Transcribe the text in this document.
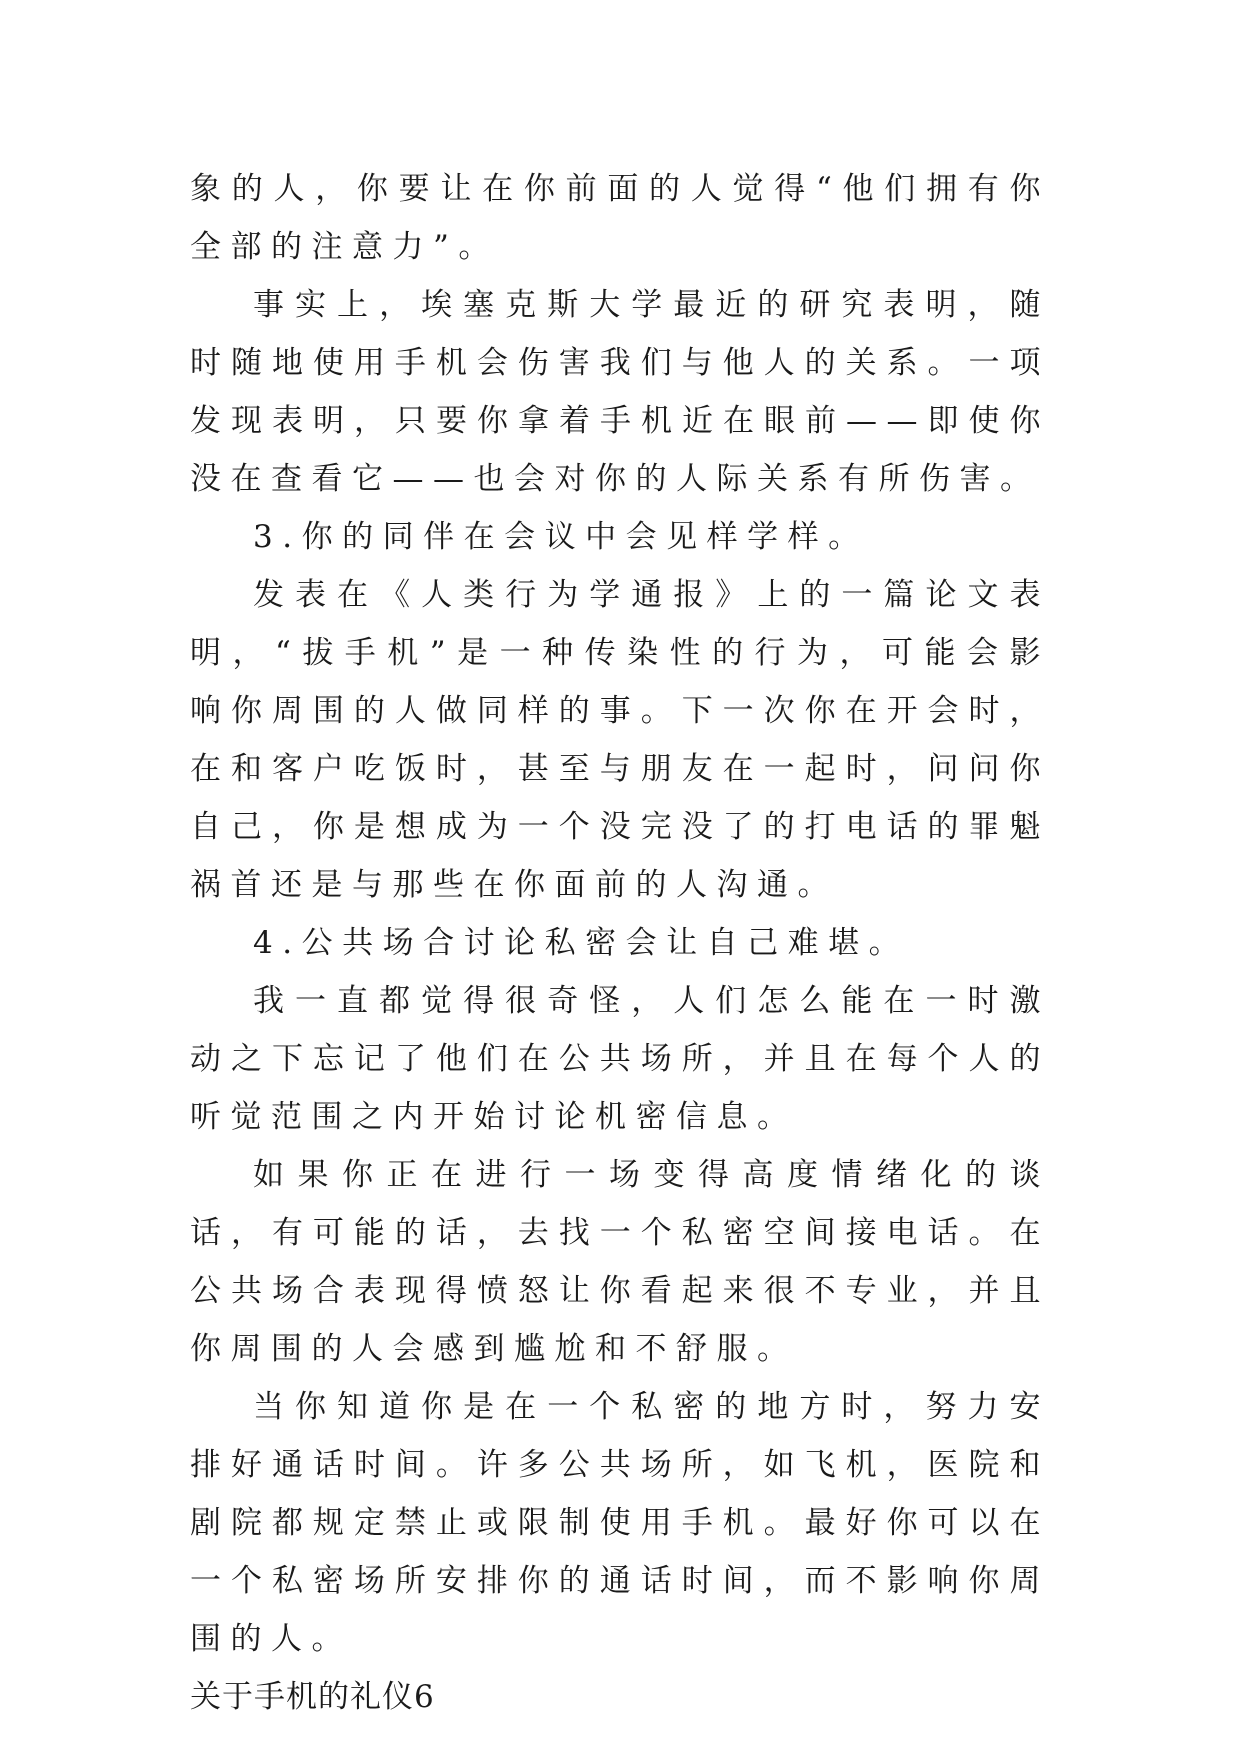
象的人，你要让在你前面的人觉得“他们拥有你全部的注意力”。

事实上，埃塞克斯大学最近的研究表明，随时随地使用手机会伤害我们与他人的关系。一项发现表明，只要你拿着手机近在眼前——即使你没在查看它——也会对你的人际关系有所伤害。

3.你的同伴在会议中会见样学样。

发表在《人类行为学通报》上的一篇论文表明，“拔手机”是一种传染性的行为，可能会影响你周围的人做同样的事。下一次你在开会时，在和客户吃饭时，甚至与朋友在一起时，问问你自己，你是想成为一个没完没了的打电话的罪魁祸首还是与那些在你面前的人沟通。

4.公共场合讨论私密会让自己难堪。

我一直都觉得很奇怪，人们怎么能在一时激动之下忘记了他们在公共场所，并且在每个人的听觉范围之内开始讨论机密信息。

如果你正在进行一场变得高度情绪化的谈话，有可能的话，去找一个私密空间接电话。在公共场合表现得愤怒让你看起来很不专业，并且你周围的人会感到尴尬和不舒服。

当你知道你是在一个私密的地方时，努力安排好通话时间。许多公共场所，如飞机，医院和剧院都规定禁止或限制使用手机。最好你可以在一个私密场所安排你的通话时间，而不影响你周围的人。

关于手机的礼仪6
